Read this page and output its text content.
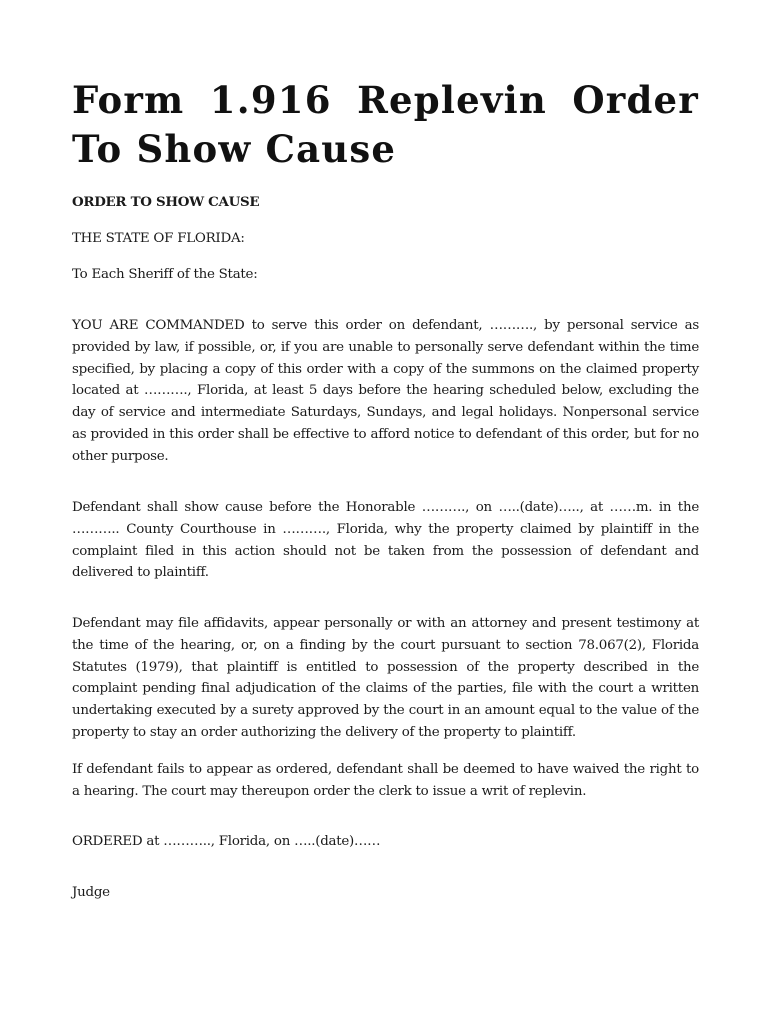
Form 1.916 Replevin Order To Show Cause

ORDER TO SHOW CAUSE

THE STATE OF FLORIDA:

To Each Sheriff of the State:

YOU ARE COMMANDED to serve this order on defendant, ………., by personal service as provided by law, if possible, or, if you are unable to personally serve defendant within the time specified, by placing a copy of this order with a copy of the summons on the claimed property located at ………., Florida, at least 5 days before the hearing scheduled below, excluding the day of service and intermediate Saturdays, Sundays, and legal holidays. Nonpersonal service as provided in this order shall be effective to afford notice to defendant of this order, but for no other purpose.

Defendant shall show cause before the Honorable ………., on …..(date)….., at ……m. in the ……….. County Courthouse in ………., Florida, why the property claimed by plaintiff in the complaint filed in this action should not be taken from the possession of defendant and delivered to plaintiff.

Defendant may file affidavits, appear personally or with an attorney and present testimony at the time of the hearing, or, on a finding by the court pursuant to section 78.067(2), Florida Statutes (1979), that plaintiff is entitled to possession of the property described in the complaint pending final adjudication of the claims of the parties, file with the court a written undertaking executed by a surety approved by the court in an amount equal to the value of the property to stay an order authorizing the delivery of the property to plaintiff.

If defendant fails to appear as ordered, defendant shall be deemed to have waived the right to a hearing. The court may thereupon order the clerk to issue a writ of replevin.

ORDERED at ……….., Florida, on …..(date)……

Judge
